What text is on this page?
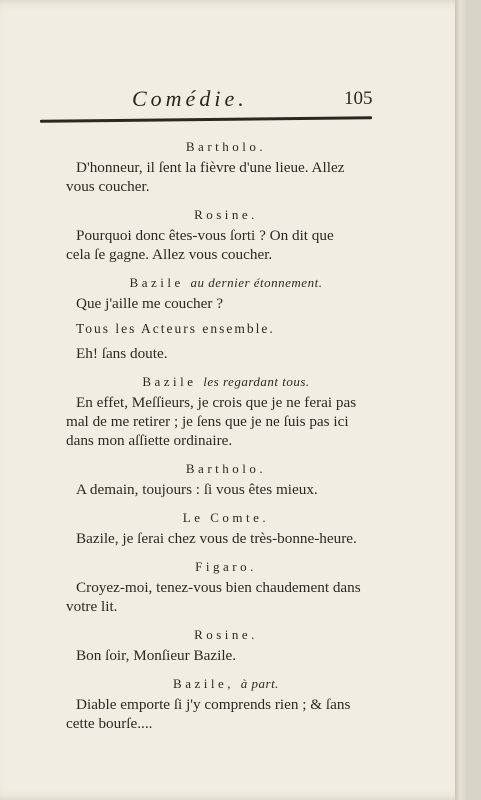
Comédie.	105
Bartholo.

D'honneur, il ſent la fièvre d'une lieue. Allez

vous coucher.

Rosine.

Pourquoi donc êtes-vous ſorti ? On dit que

cela ſe gagne. Allez vous coucher.

Bazile au dernier étonnement.

Que j'aille me coucher ?

Tous les Acteurs ensemble.

Eh! ſans doute.

Bazile les regardant tous.

En effet, Meſſieurs, je crois que je ne ferai pas

mal de me retirer ; je ſens que je ne ſuis pas ici

dans mon aſſiette ordinaire.

Bartholo.

A demain, toujours : ſi vous êtes mieux.

Le Comte.

Bazile, je ſerai chez vous de très-bonne-heure.

Figaro.

Croyez-moi, tenez-vous bien chaudement dans

votre lit.

Rosine.

Bon ſoir, Monſieur Bazile.

Bazile, à part.

Diable emporte ſi j'y comprends rien ; & ſans

cette bourſe....
